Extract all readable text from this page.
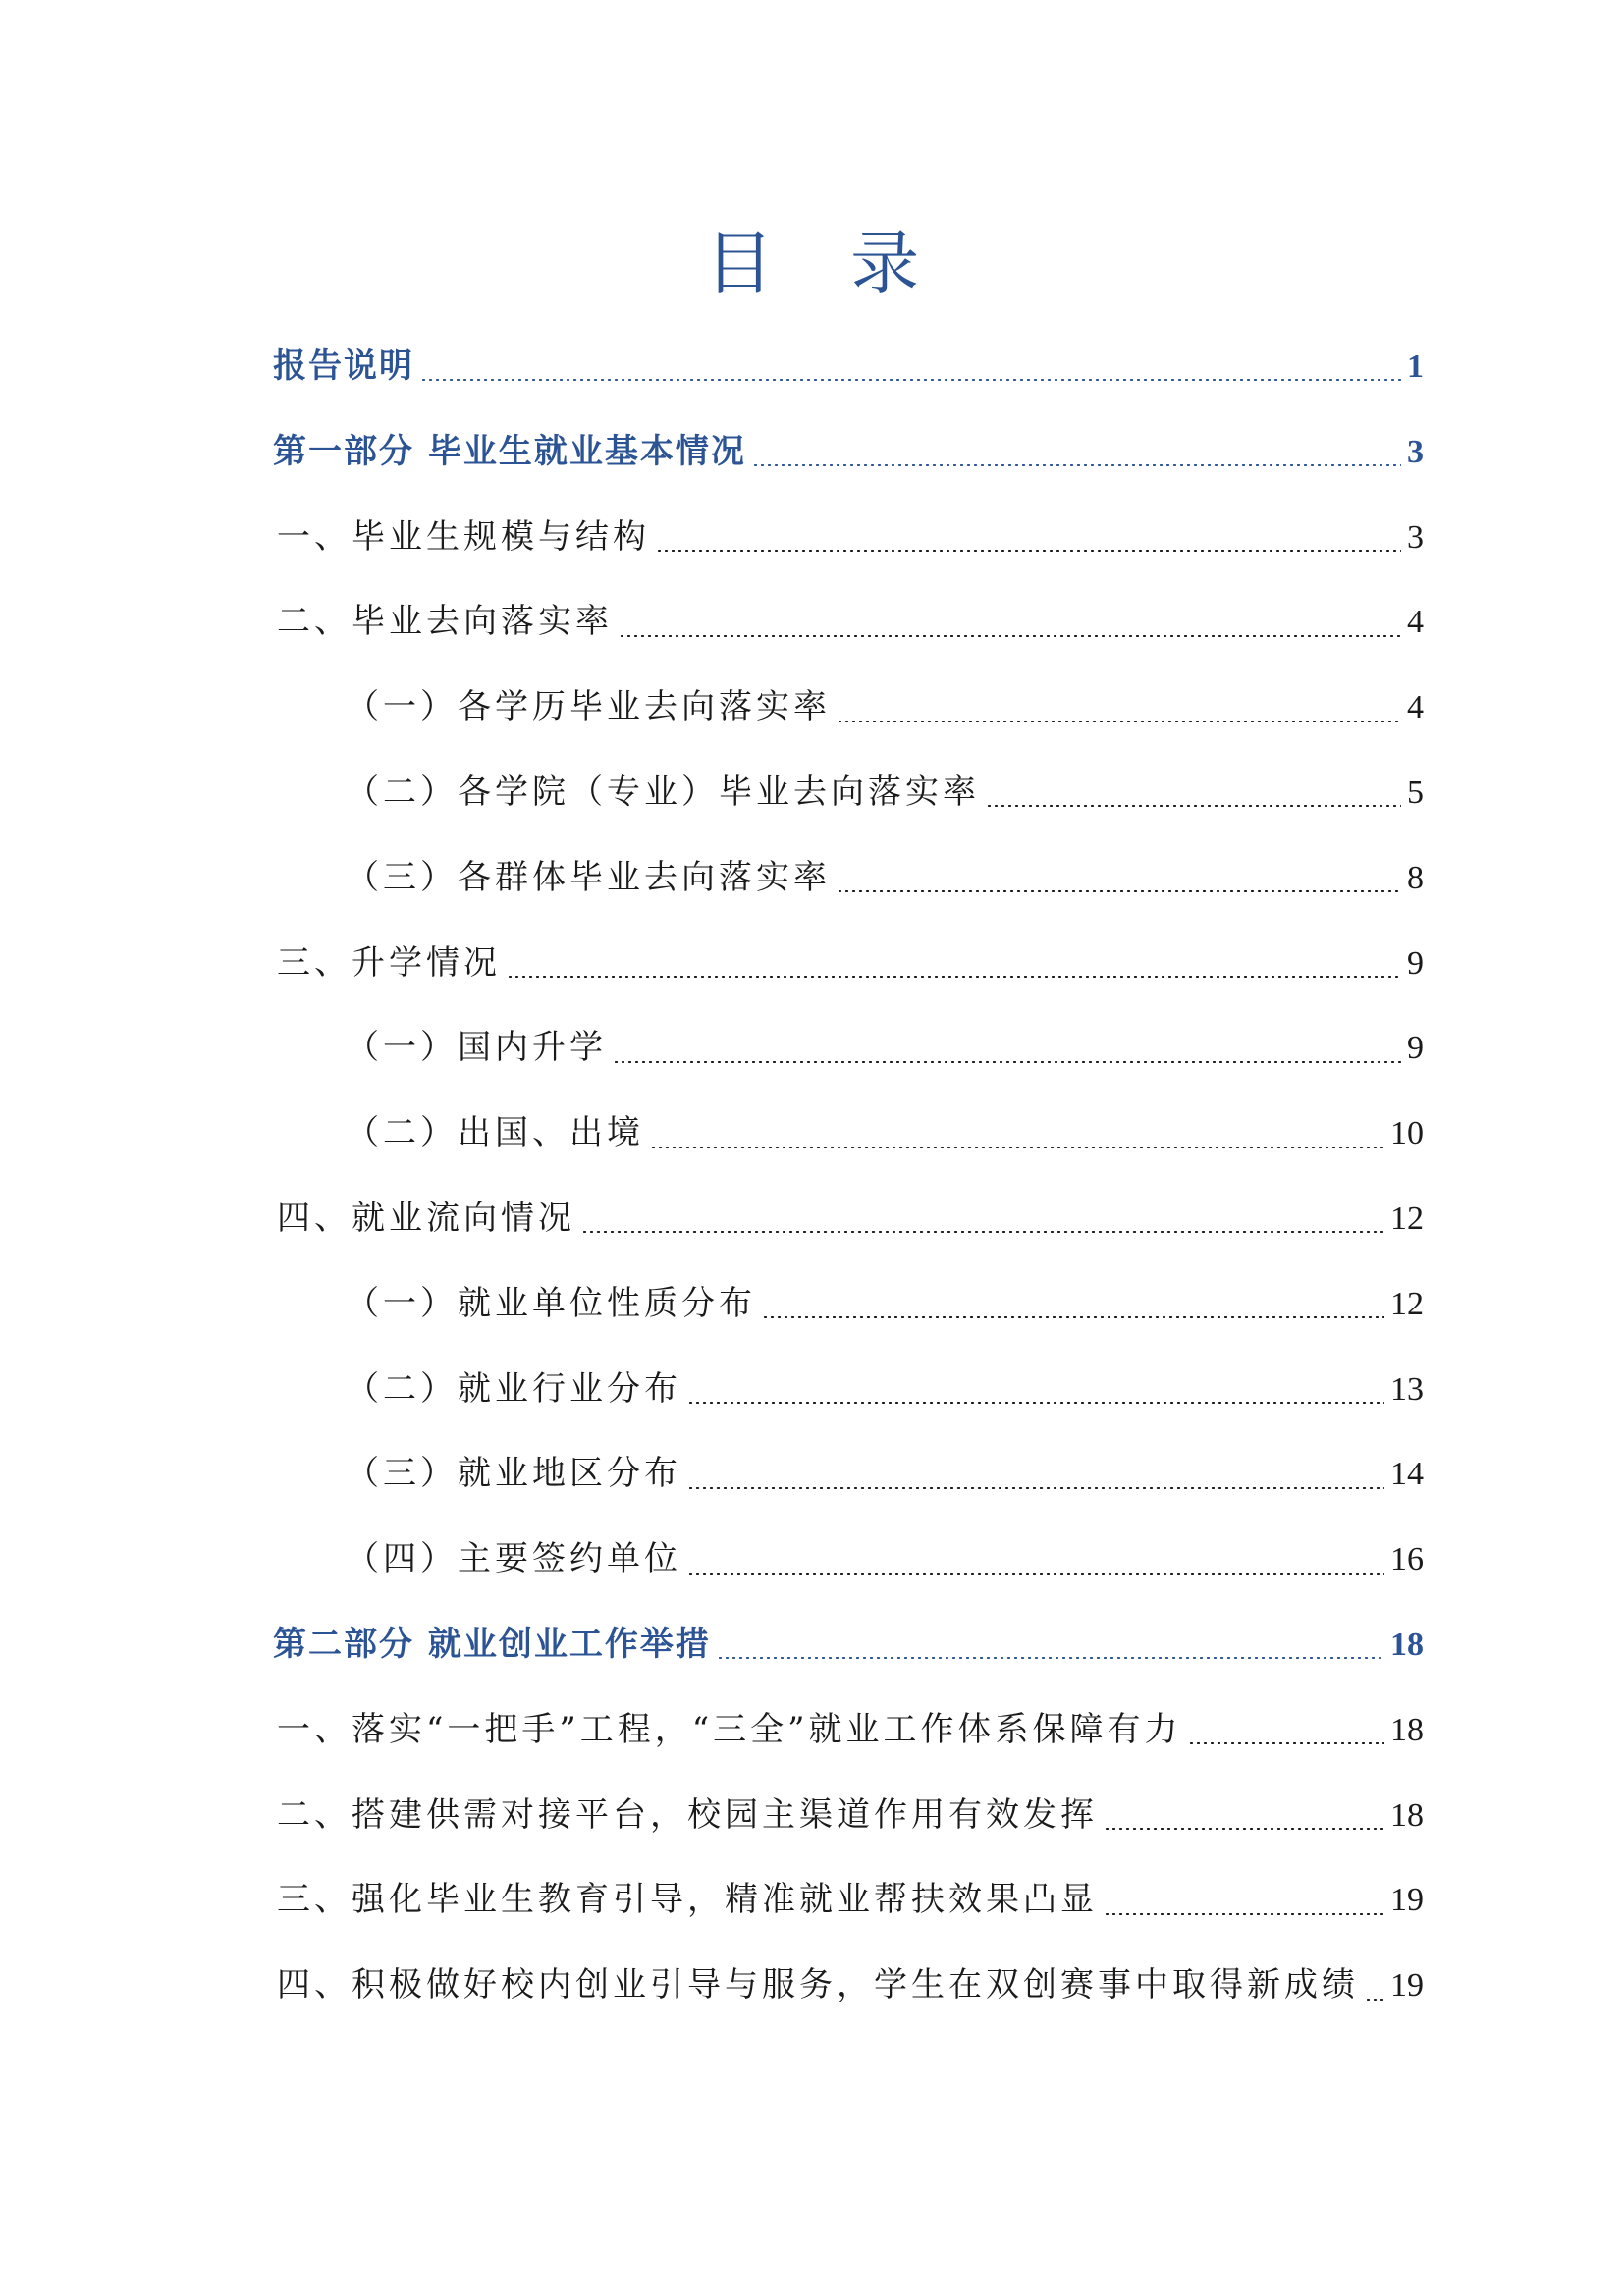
目 录
报告说明	1
第一部分 毕业生就业基本情况	3
一、毕业生规模与结构	3
二、毕业去向落实率	4
（一）各学历毕业去向落实率	4
（二）各学院（专业）毕业去向落实率	5
（三）各群体毕业去向落实率	8
三、升学情况	9
（一）国内升学	9
（二）出国、出境	10
四、就业流向情况	12
（一）就业单位性质分布	12
（二）就业行业分布	13
（三）就业地区分布	14
（四）主要签约单位	16
第二部分 就业创业工作举措	18
一、落实“一把手”工程，“三全”就业工作体系保障有力	18
二、搭建供需对接平台，校园主渠道作用有效发挥	18
三、强化毕业生教育引导，精准就业帮扶效果凸显	19
四、积极做好校内创业引导与服务，学生在双创赛事中取得新成绩 19
